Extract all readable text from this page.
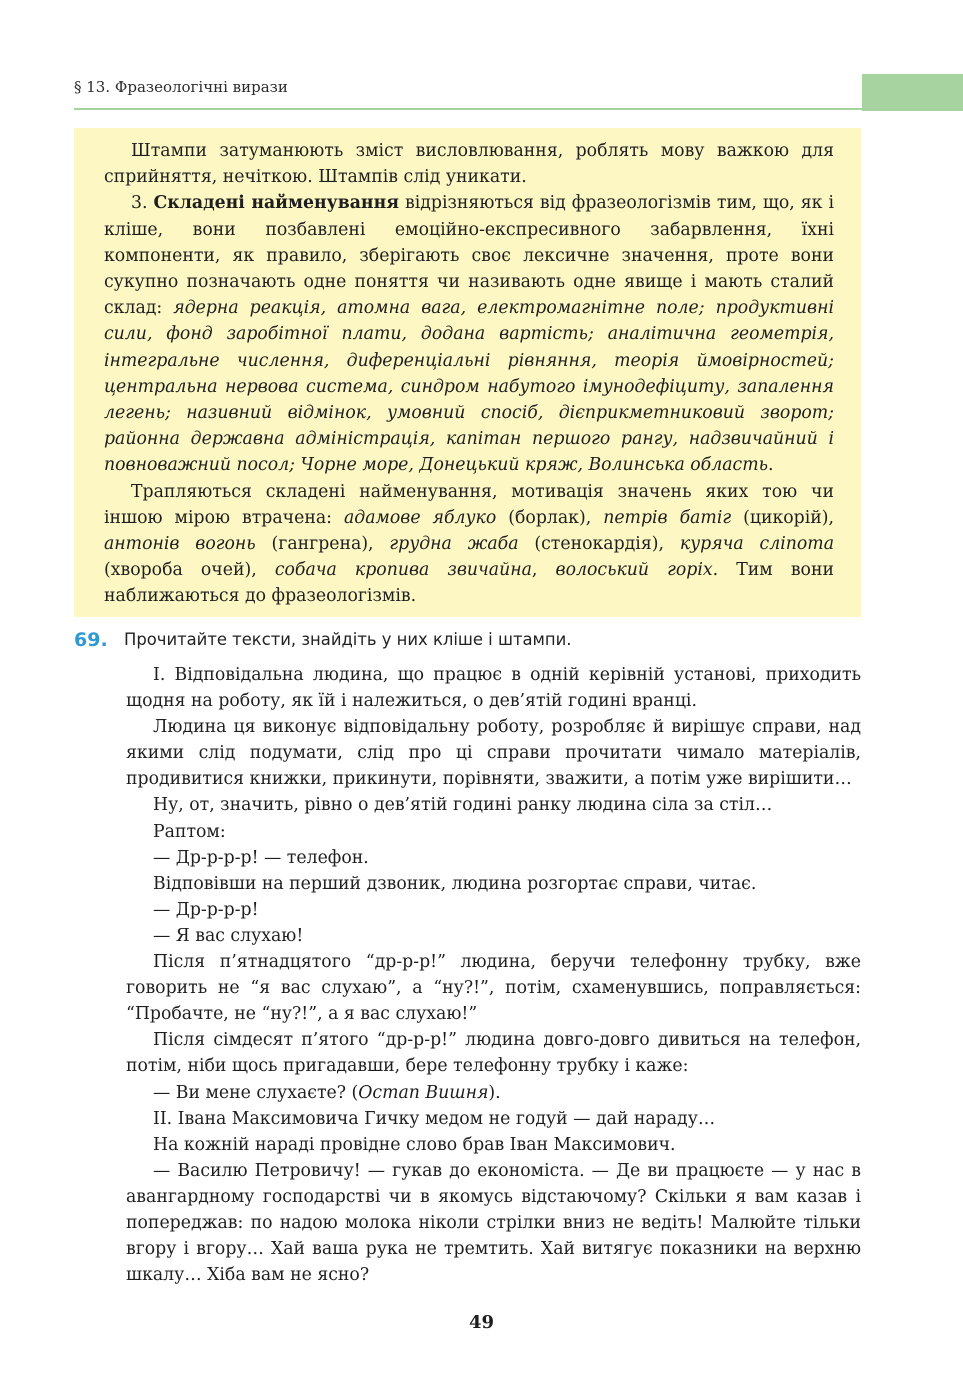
§ 13. Фразеологічні вирази

Штампи затуманюють зміст висловлювання, роблять мову важкою для сприйняття, нечіткою. Штампів слід уникати.

3. Складені найменування відрізняються від фразеологізмів тим, що, як і кліше, вони позбавлені емоційно-експресивного забарвлення, їхні компоненти, як правило, зберігають своє лексичне значення, проте вони сукупно позначають одне поняття чи називають одне явище і мають сталий склад: ядерна реакція, атомна вага, електромагнітне поле; продуктивні сили, фонд заробітної плати, додана вартість; аналітична геометрія, інтегральне числення, диференціальні рівняння, теорія ймовірностей; центральна нервова система, синдром набутого імунодефіциту, запалення легень; називний відмінок, умовний спосіб, дієприкметниковий зворот; районна державна адміністрація, капітан першого рангу, надзвичайний і повноважний посол; Чорне море, Донецький кряж, Волинська область.

Трапляються складені найменування, мотивація значень яких тою чи іншою мірою втрачена: адамове яблуко (борлак), петрів батіг (цикорій), антонів вогонь (гангрена), грудна жаба (стенокардія), куряча сліпота (хвороба очей), собача кропива звичайна, волоський горіх. Тим вони наближаються до фразеологізмів.

69. Прочитайте тексти, знайдіть у них кліше і штампи.

І. Відповідальна людина, що працює в одній керівній установі, приходить щодня на роботу, як їй і належиться, о дев’ятій годині вранці.

Людина ця виконує відповідальну роботу, розробляє й вирішує справи, над якими слід подумати, слід про ці справи прочитати чимало матеріалів, продивитися книжки, прикинути, порівняти, зважити, а потім уже вирішити…

Ну, от, значить, рівно о дев’ятій годині ранку людина сіла за стіл…

Раптом:

— Др-р-р-р! — телефон.

Відповівши на перший дзвоник, людина розгортає справи, читає.

— Др-р-р-р!

— Я вас слухаю!

Після п’ятнадцятого “др-р-р!” людина, беручи телефонну трубку, вже говорить не “я вас слухаю”, а “ну?!”, потім, схаменувшись, поправляється: “Пробачте, не “ну?!”, а я вас слухаю!”

Після сімдесят п’ятого “др-р-р!” людина довго-довго дивиться на телефон, потім, ніби щось пригадавши, бере телефонну трубку і каже:

— Ви мене слухаєте? (Остап Вишня).

ІІ. Івана Максимовича Гичку медом не годуй — дай нараду…

На кожній нараді провідне слово брав Іван Максимович.

— Василю Петровичу! — гукав до економіста. — Де ви працюєте — у нас в авангардному господарстві чи в якомусь відстаючому? Скільки я вам казав і попереджав: по надою молока ніколи стрілки вниз не ведіть! Малюйте тільки вгору і вгору… Хай ваша рука не тремтить. Хай витягує показники на верхню шкалу… Хіба вам не ясно?

49
